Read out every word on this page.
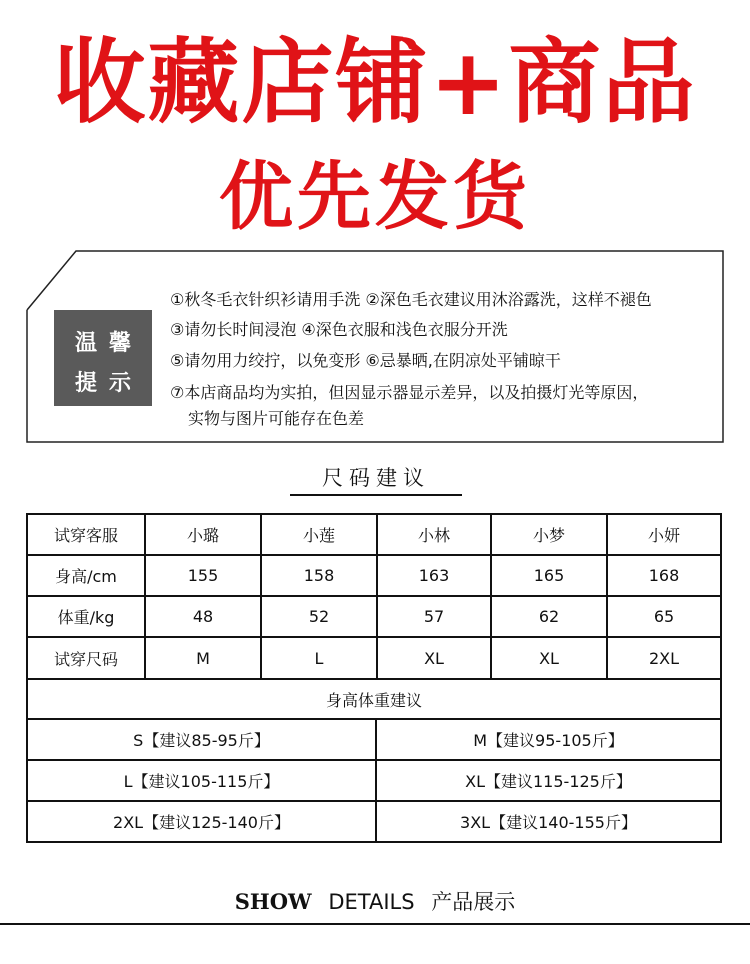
收藏店铺+商品
优先发货
温馨
提示
①秋冬毛衣针织衫请用手洗 ②深色毛衣建议用沐浴露洗，这样不褪色
③请勿长时间浸泡 ④深色衣服和浅色衣服分开洗
⑤请勿用力绞拧，以免变形 ⑥忌暴晒,在阴凉处平铺晾干
⑦本店商品均为实拍，但因显示器显示差异，以及拍摄灯光等原因，
实物与图片可能存在色差
尺码建议
试穿客服	小璐	小莲	小林	小梦	小妍
身高/cm	155	158	163	165	168
体重/kg	48	52	57	62	65
试穿尺码	M	L	XL	XL	2XL
身高体重建议
S【建议85-95斤】	M【建议95-105斤】
L【建议105-115斤】	XL【建议115-125斤】
2XL【建议125-140斤】	3XL【建议140-155斤】
SHOW DETAILS 产品展示
